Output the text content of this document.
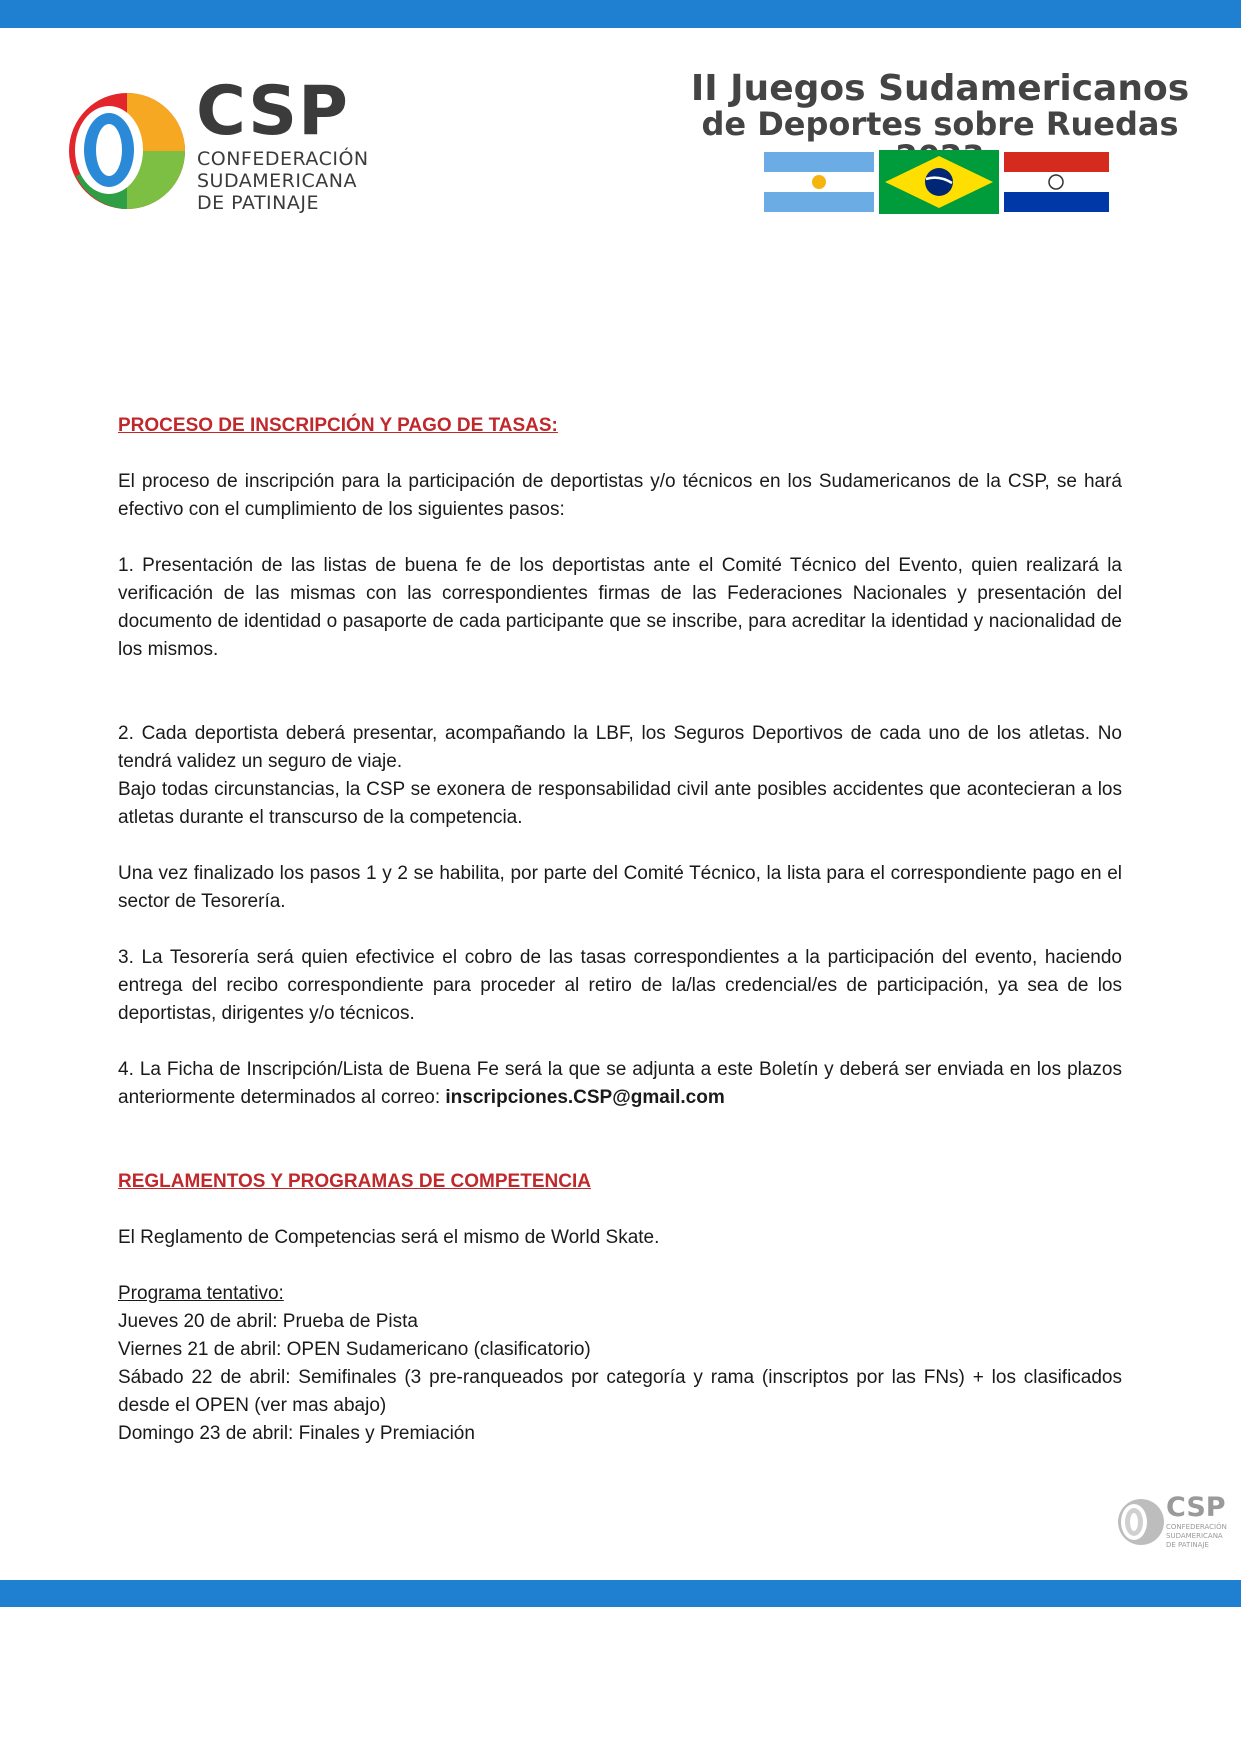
CSP
CONFEDERACIÓN
SUDAMERICANA
DE PATINAJE
II Juegos Sudamericanos
de Deportes sobre Ruedas

PROCESO DE INSCRIPCIÓN Y PAGO DE TASAS:

El proceso de inscripción para la participación de deportistas y/o técnicos en los Sudamericanos de la CSP, se hará efectivo con el cumplimiento de los siguientes pasos:

1. Presentación de las listas de buena fe de los deportistas ante el Comité Técnico del Evento, quien realizará la verificación de las mismas con las correspondientes firmas de las Federaciones Nacionales y presentación del documento de identidad o pasaporte de cada participante que se inscribe, para acreditar la identidad y nacionalidad de los mismos.

2. Cada deportista deberá presentar, acompañando la LBF, los Seguros Deportivos de cada uno de los atletas. No tendrá validez un seguro de viaje.

Bajo todas circunstancias, la CSP se exonera de responsabilidad civil ante posibles accidentes que acontecieran a los atletas durante el transcurso de la competencia.

Una vez finalizado los pasos 1 y 2 se habilita, por parte del Comité Técnico, la lista para el correspondiente pago en el sector de Tesorería.

3. La Tesorería será quien efectivice el cobro de las tasas correspondientes a la participación del evento, haciendo entrega del recibo correspondiente para proceder al retiro de la/las credencial/es de participación, ya sea de los deportistas, dirigentes y/o técnicos.

4. La Ficha de Inscripción/Lista de Buena Fe será la que se adjunta a este Boletín y deberá ser enviada en los plazos anteriormente determinados al correo: inscripciones.CSP@gmail.com

REGLAMENTOS Y PROGRAMAS DE COMPETENCIA

El Reglamento de Competencias será el mismo de World Skate.

Programa tentativo:

Jueves 20 de abril: Prueba de Pista

Viernes 21 de abril: OPEN Sudamericano (clasificatorio)

Sábado 22 de abril: Semifinales (3 pre-ranqueados por categoría y rama (inscriptos por las FNs) + los clasificados desde el OPEN (ver mas abajo)

Domingo 23 de abril: Finales y Premiación

CSP
CONFEDERACIÓN
SUDAMERICANA
DE PATINAJE
